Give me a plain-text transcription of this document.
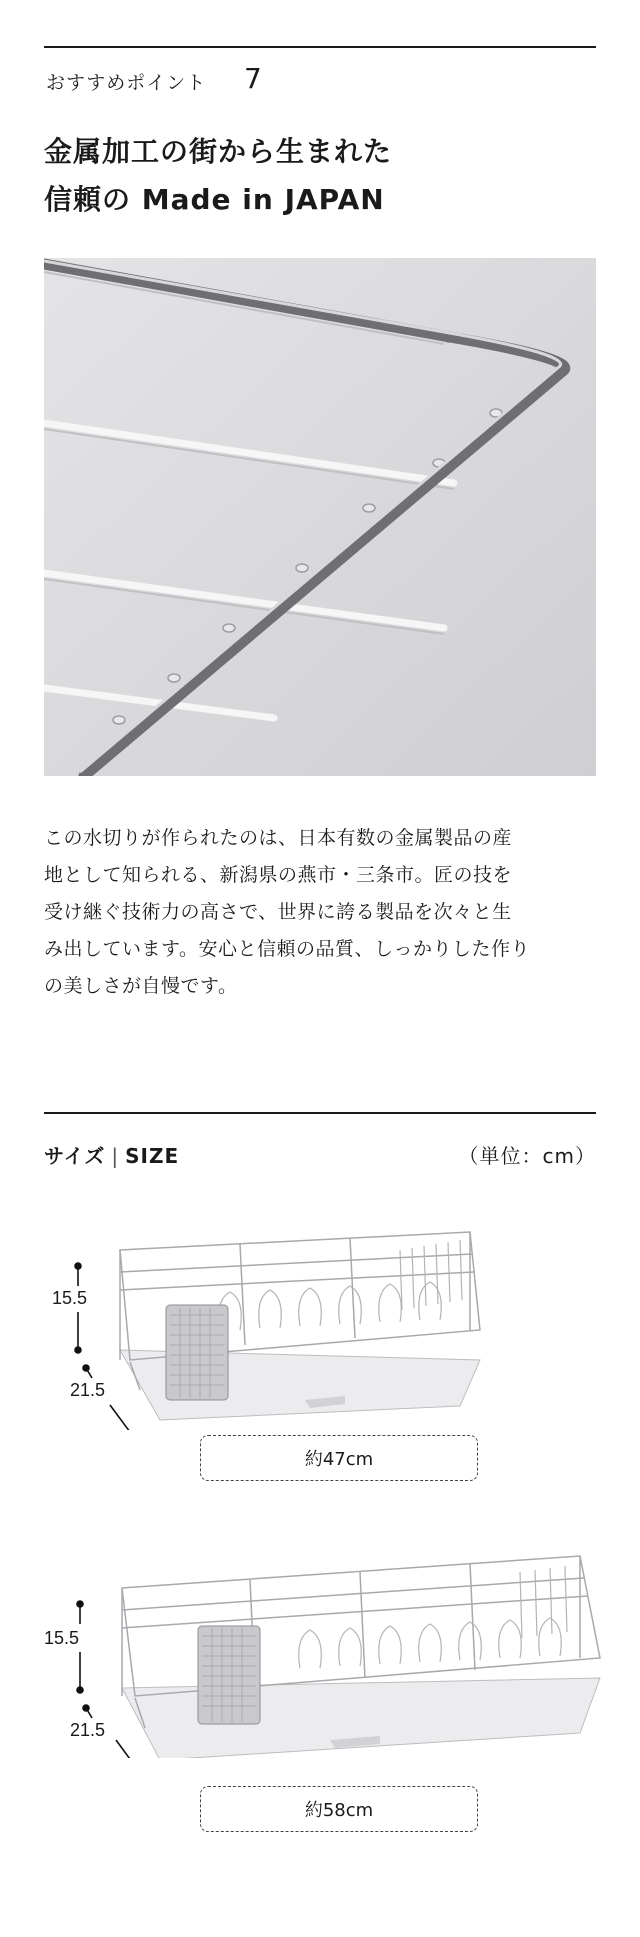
おすすめポイント 7
金属加工の街から生まれた
信頼の Made in JAPAN

この水切りが作られたのは、日本有数の金属製品の産
地として知られる、新潟県の燕市・三条市。匠の技を
受け継ぐ技術力の高さで、世界に誇る製品を次々と生
み出しています。安心と信頼の品質、しっかりした作り
の美しさが自慢です。

サイズ | SIZE	（単位：cm）
15.5
21.5
約47cm
15.5
21.5
約58cm
